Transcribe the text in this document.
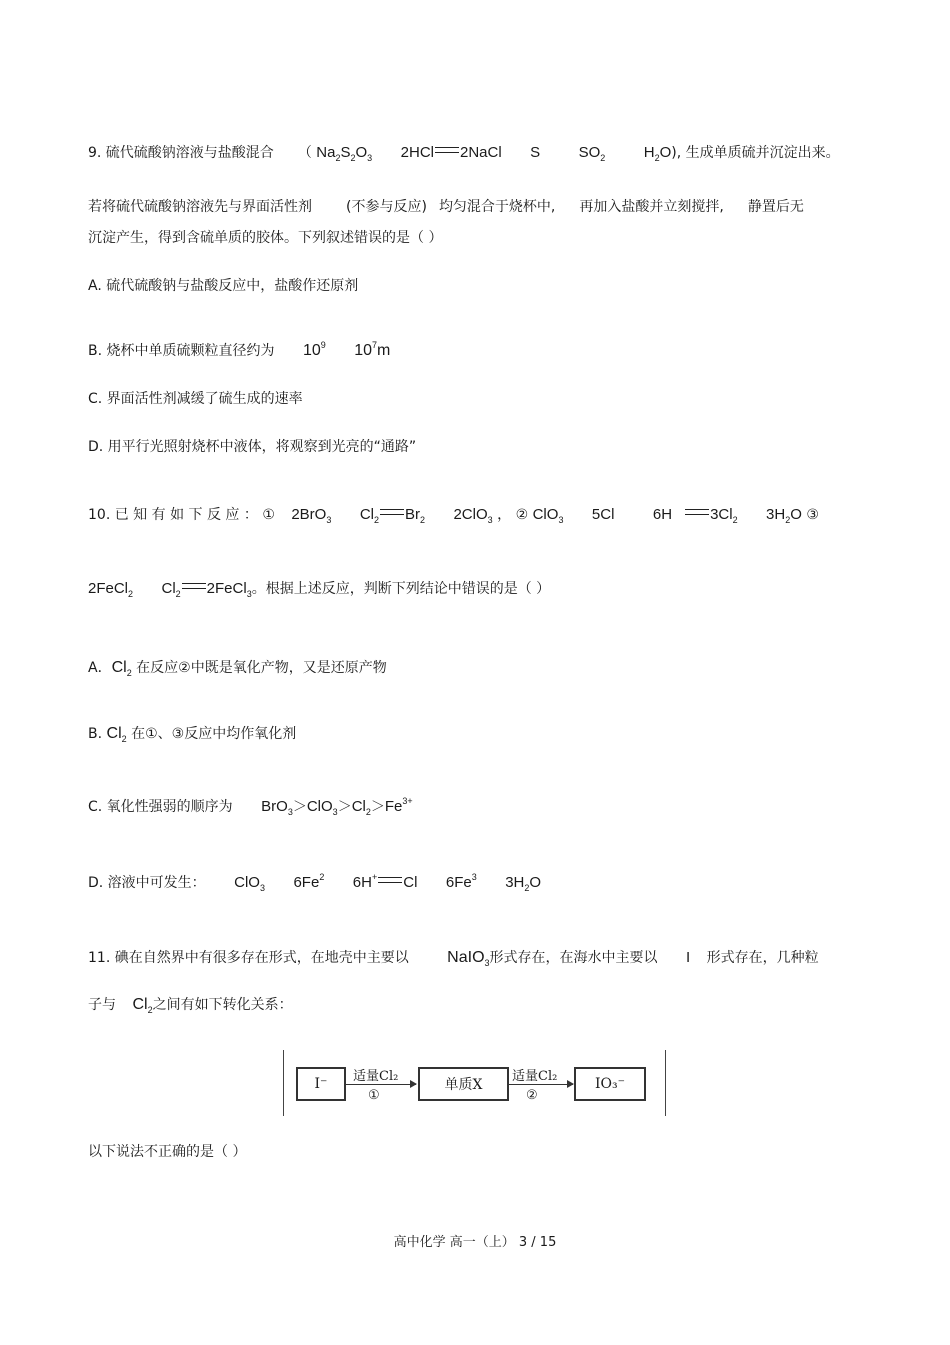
9. 硫代硫酸钠溶液与盐酸混合 （ $Na_2S_2O_3$ 2HCl 2NaCl S	$SO_2$	$H_2O$), 生成单质硫并沉淀出来。
若将硫代硫酸钠溶液先与界面活性剂 (不参与反应) 均匀混合于烧杯中, 再加入盐酸并立刻搅拌, 静置后无
沉淀产生，得到含硫单质的胶体。下列叙述错误的是（ ）
A. 硫代硫酸钠与盐酸反应中，盐酸作还原剂
B. 烧杯中单质硫颗粒直径约为 $10^9$ $10^7m$
C. 界面活性剂减缓了硫生成的速率
D. 用平行光照射烧杯中液体，将观察到光亮的“通路”
10. 已 知 有 如 下 反 应 ： ① 2BrO$_3$ $Cl_2$ $Br_2$ 2ClO$_3$ ， ② ClO$_3$ 5Cl	6H	$3Cl_2$ $3H_2O$ ③
2FeCl$_2$ $Cl_2$ 2FeCl$_3$。根据上述反应，判断下列结论中错误的是（ ）
A．$Cl_2$ 在反应②中既是氧化产物，又是还原产物
B. $Cl_2$ 在①、③反应中均作氧化剂
C. 氧化性强弱的顺序为 $BrO_3>ClO_3>Cl_2>Fe^{3+}$
D. 溶液中可发生： ClO$_3$ 6Fe$^2$ 6H+ Cl 6Fe$^3$ $3H_2O$
11. 碘在自然界中有很多存在形式，在地壳中主要以 NaIO$_3$形式存在，在海水中主要以 I 形式存在，几种粒
子与 $Cl_2$之间有如下转化关系：
I⁻	适量Cl₂
①
单质X
适量Cl₂
②
IO₃⁻
以下说法不正确的是（ ）
高中化学 高一（上） 3 / 15
